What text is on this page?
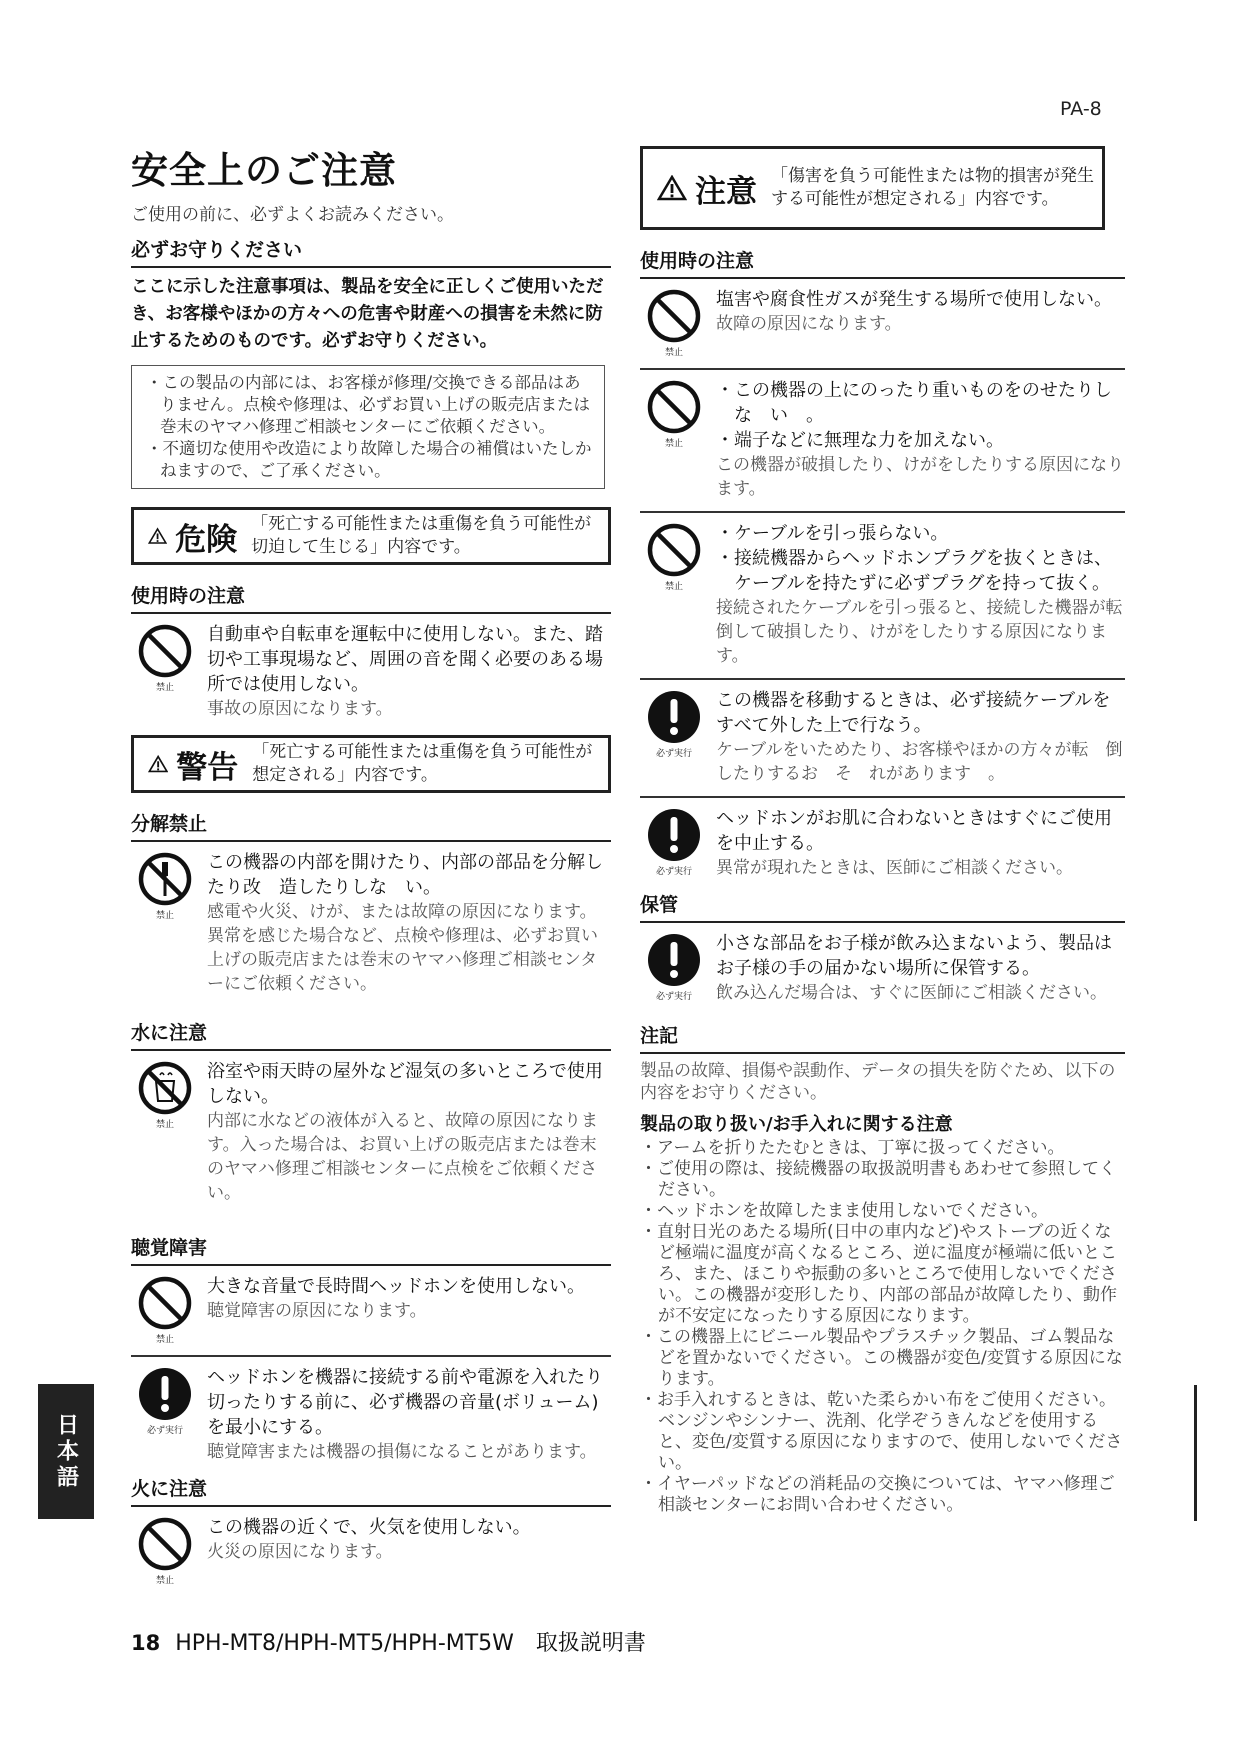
PA-8
安全上のご注意
ご使用の前に、必ずよくお読みください。
必ずお守りください
ここに示した注意事項は、製品を安全に正しくご使用いただき、お客様やほかの方々への危害や財産への損害を未然に防止するためのものです。必ずお守りください。

・この製品の内部には、お客様が修理/交換できる部品はありません。点検や修理は、必ずお買い上げの販売店または巻末のヤマハ修理ご相談センターにご依頼ください。

・不適切な使用や改造により故障した場合の補償はいたしかねますので、ご了承ください。

危険 「死亡する可能性または重傷を負う可能性が切迫して生じる」内容です。
使用時の注意
禁止

自動車や自転車を運転中に使用しない。また、踏切や工事現場など、周囲の音を聞く必要のある場所では使用しない。

事故の原因になります。

警告 「死亡する可能性または重傷を負う可能性が想定される」内容です。
分解禁止
禁止

この機器の内部を開けたり、内部の部品を分解したり改　造したりしな　い。

感電や火災、けが、または故障の原因になります。異常を感じた場合など、点検や修理は、必ずお買い上げの販売店または巻末のヤマハ修理ご相談センターにご依頼ください。

水に注意
禁止

浴室や雨天時の屋外など湿気の多いところで使用しない。

内部に水などの液体が入ると、故障の原因になります。入った場合は、お買い上げの販売店または巻末のヤマハ修理ご相談センターに点検をご依頼ください。

聴覚障害
禁止

大きな音量で長時間ヘッドホンを使用しない。

聴覚障害の原因になります。

必ず実行

ヘッドホンを機器に接続する前や電源を入れたり切ったりする前に、必ず機器の音量(ボリューム)を最小にする。

聴覚障害または機器の損傷になることがあります。

火に注意
禁止

この機器の近くで、火気を使用しない。

火災の原因になります。

注意 「傷害を負う可能性または物的損害が発生する可能性が想定される」内容です。
使用時の注意
禁止

塩害や腐食性ガスが発生する場所で使用しない。

故障の原因になります。

禁止

・この機器の上にのったり重いものをのせたりしな　い　。

・端子などに無理な力を加えない。

この機器が破損したり、けがをしたりする原因になります。

禁止

・ケーブルを引っ張らない。

・接続機器からヘッドホンプラグを抜くときは、ケーブルを持たずに必ずプラグを持って抜く。

接続されたケーブルを引っ張ると、接続した機器が転倒して破損したり、けがをしたりする原因になります。

必ず実行

この機器を移動するときは、必ず接続ケーブルをすべて外した上で行なう。

ケーブルをいためたり、お客様やほかの方々が転　倒したりするお　そ　れがあります　。

必ず実行

ヘッドホンがお肌に合わないときはすぐにご使用を中止する。

異常が現れたときは、医師にご相談ください。

保管
必ず実行

小さな部品をお子様が飲み込まないよう、製品はお子様の手の届かない場所に保管する。

飲み込んだ場合は、すぐに医師にご相談ください。

注記

製品の故障、損傷や誤動作、データの損失を防ぐため、以下の内容をお守りください。

製品の取り扱い/お手入れに関する注意

・アームを折りたたむときは、丁寧に扱ってください。

・ご使用の際は、接続機器の取扱説明書もあわせて参照してください。

・ヘッドホンを故障したまま使用しないでください。

・直射日光のあたる場所(日中の車内など)やストーブの近くなど極端に温度が高くなるところ、逆に温度が極端に低いところ、また、ほこりや振動の多いところで使用しないでください。この機器が変形したり、内部の部品が故障したり、動作が不安定になったりする原因になります。

・この機器上にビニール製品やプラスチック製品、ゴム製品などを置かないでください。この機器が変色/変質する原因になります。

・お手入れするときは、乾いた柔らかい布をご使用ください。ベンジンやシンナー、洗剤、化学ぞうきんなどを使用すると、変色/変質する原因になりますので、使用しないでください。

・イヤーパッドなどの消耗品の交換については、ヤマハ修理ご相談センターにお問い合わせください。

日本語
18 HPH-MT8/HPH-MT5/HPH-MT5W　取扱説明書
